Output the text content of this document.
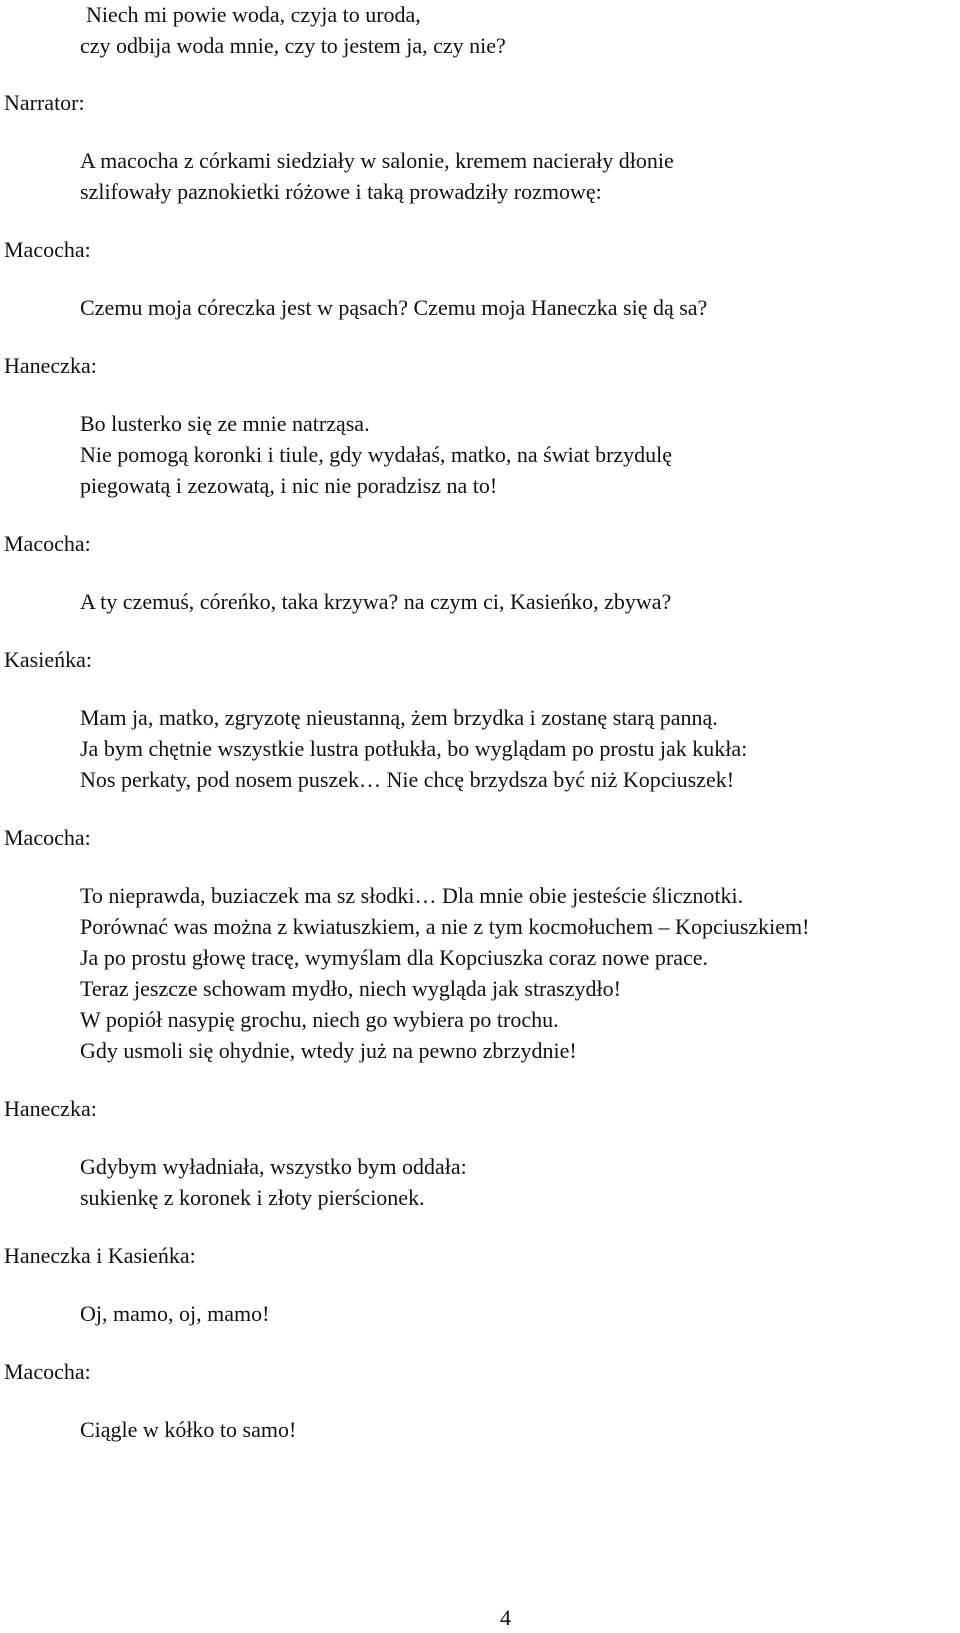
Niech mi powie woda, czyja to uroda,
czy odbija woda mnie, czy to jestem ja, czy nie?
Narrator:
A macocha z córkami siedziały w salonie, kremem nacierały dłonie
szlifowały paznokietki różowe i taką prowadziły rozmowę:
Macocha:
Czemu moja córeczka jest w pąsach? Czemu moja Haneczka się dą sa?
Haneczka:
Bo lusterko się ze mnie natrząsa.
Nie pomogą koronki i tiule, gdy wydałaś, matko, na świat brzydulę
piegowatą i zezowatą, i nic nie poradzisz na to!
Macocha:
A ty czemuś, córeńko, taka krzywa? na czym ci, Kasieńko, zbywa?
Kasieńka:
Mam ja, matko, zgryzotę nieustanną, żem brzydka i zostanę starą panną.
Ja bym chętnie wszystkie lustra potłukła, bo wyglądam po prostu jak kukła:
Nos perkaty, pod nosem puszek… Nie chcę brzydsza być niż Kopciuszek!
Macocha:
To nieprawda, buziaczek ma sz słodki… Dla mnie obie jesteście ślicznotki.
Porównać was można z kwiatuszkiem, a nie z tym kocmołuchem – Kopciuszkiem!
Ja po prostu głowę tracę, wymyślam dla Kopciuszka coraz nowe prace.
Teraz jeszcze schowam mydło, niech wygląda jak straszydło!
W popiół nasypię grochu, niech go wybiera po trochu.
Gdy usmoli się ohydnie, wtedy już na pewno zbrzydnie!
Haneczka:
Gdybym wyładniała, wszystko bym oddała:
sukienkę z koronek i złoty pierścionek.
Haneczka i Kasieńka:
Oj, mamo, oj, mamo!
Macocha:
Ciągle w kółko to samo!
4
